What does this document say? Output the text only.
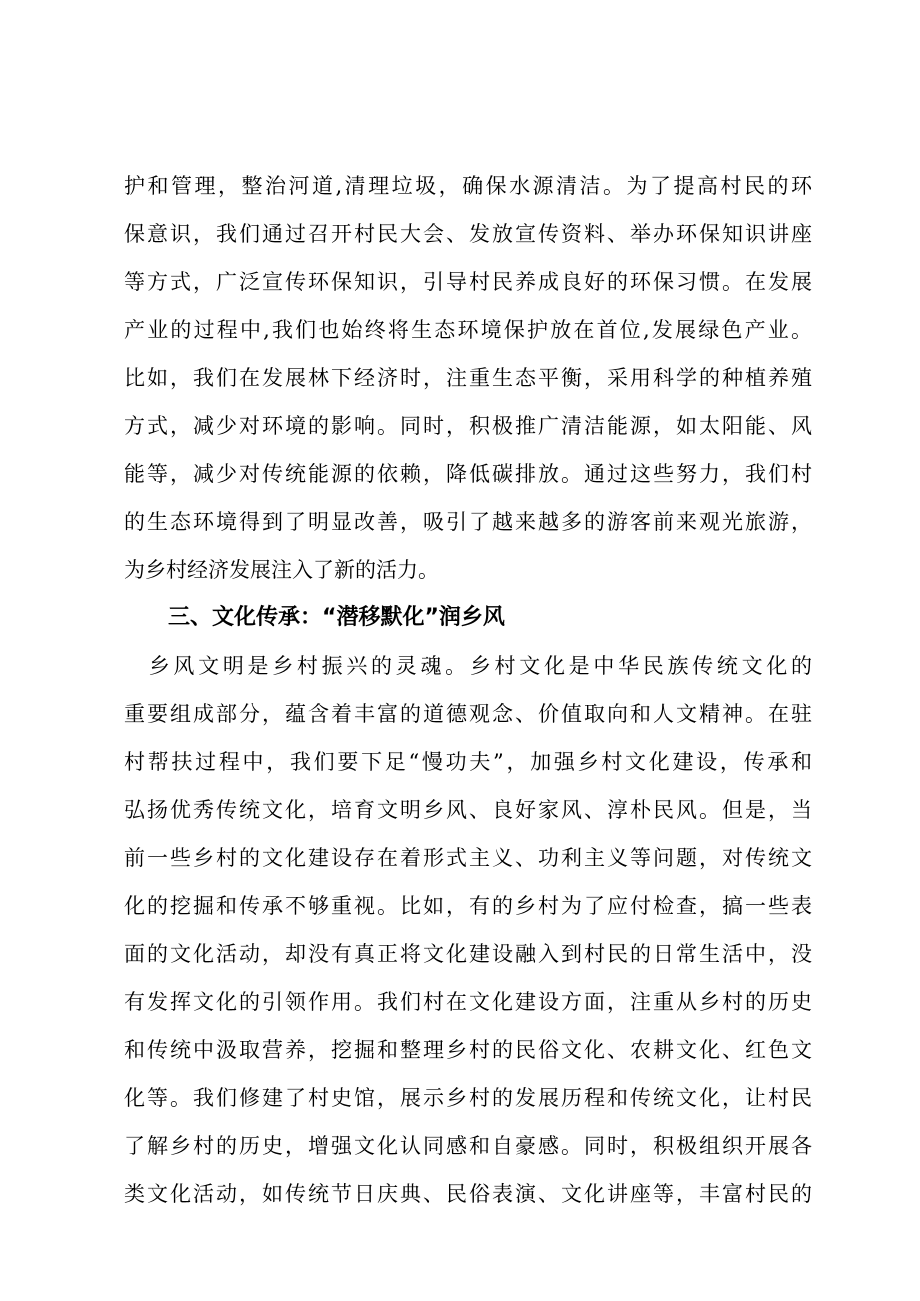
护和管理，整治河道,清理垃圾，确保水源清洁。为了提高村民的环
保意识，我们通过召开村民大会、发放宣传资料、举办环保知识讲座
等方式，广泛宣传环保知识，引导村民养成良好的环保习惯。在发展
产业的过程中,我们也始终将生态环境保护放在首位,发展绿色产业。
比如，我们在发展林下经济时，注重生态平衡，采用科学的种植养殖
方式，减少对环境的影响。同时，积极推广清洁能源，如太阳能、风
能等，减少对传统能源的依赖，降低碳排放。通过这些努力，我们村
的生态环境得到了明显改善，吸引了越来越多的游客前来观光旅游，
为乡村经济发展注入了新的活力。
三、文化传承：“潜移默化”润乡风
　乡风文明是乡村振兴的灵魂。乡村文化是中华民族传统文化的
重要组成部分，蕴含着丰富的道德观念、价值取向和人文精神。在驻
村帮扶过程中，我们要下足“慢功夫”，加强乡村文化建设，传承和
弘扬优秀传统文化，培育文明乡风、良好家风、淳朴民风。但是，当
前一些乡村的文化建设存在着形式主义、功利主义等问题，对传统文
化的挖掘和传承不够重视。比如，有的乡村为了应付检查，搞一些表
面的文化活动，却没有真正将文化建设融入到村民的日常生活中，没
有发挥文化的引领作用。我们村在文化建设方面，注重从乡村的历史
和传统中汲取营养，挖掘和整理乡村的民俗文化、农耕文化、红色文
化等。我们修建了村史馆，展示乡村的发展历程和传统文化，让村民
了解乡村的历史，增强文化认同感和自豪感。同时，积极组织开展各
类文化活动，如传统节日庆典、民俗表演、文化讲座等，丰富村民的
